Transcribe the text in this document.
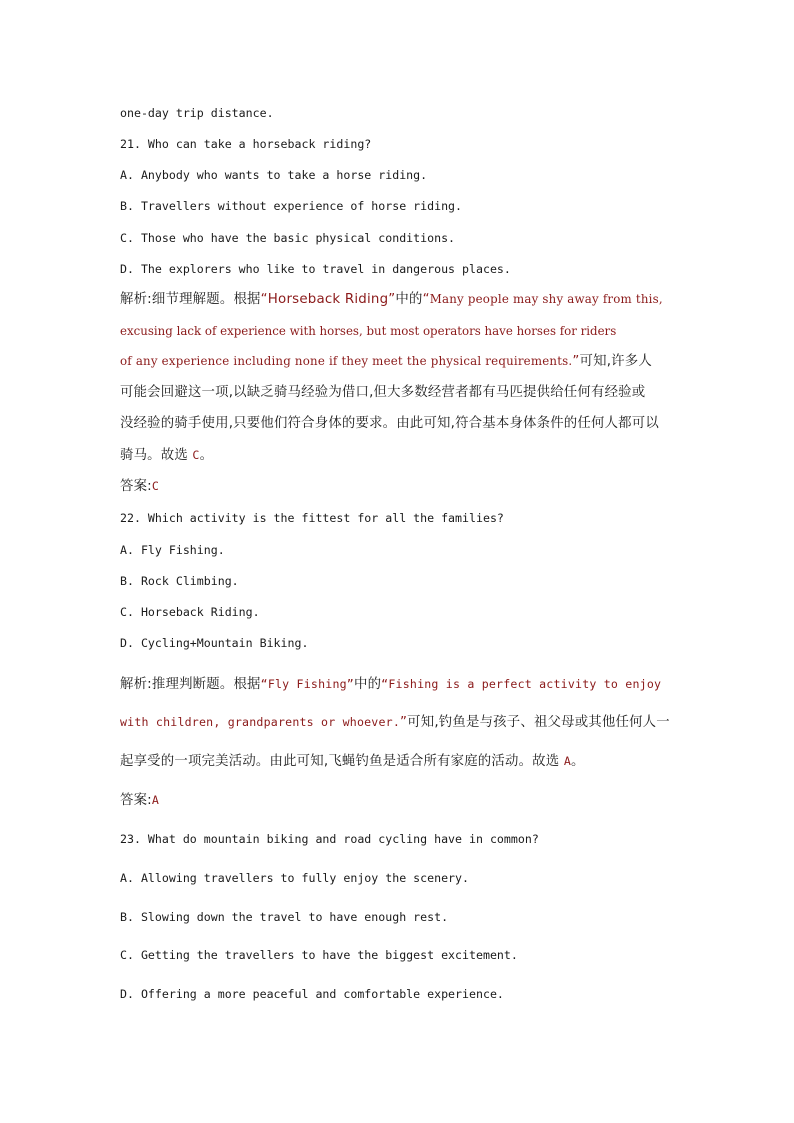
one-day trip distance.
21. Who can take a horseback riding?
A. Anybody who wants to take a horse riding.
B. Travellers without experience of horse riding.
C. Those who have the basic physical conditions.
D. The explorers who like to travel in dangerous places.
解析:细节理解题。根据“Horseback Riding”中的“Many people may shy away from this,
excusing lack of experience with horses, but most operators have horses for riders
of any experience including none if they meet the physical requirements.”可知,许多人
可能会回避这一项,以缺乏骑马经验为借口,但大多数经营者都有马匹提供给任何有经验或
没经验的骑手使用,只要他们符合身体的要求。由此可知,符合基本身体条件的任何人都可以
骑马。故选 C。
答案:C
22. Which activity is the fittest for all the families?
A. Fly Fishing.
B. Rock Climbing.
C. Horseback Riding.
D. Cycling+Mountain Biking.
解析:推理判断题。根据“Fly Fishing”中的“Fishing is a perfect activity to enjoy
with children, grandparents or whoever.”可知,钓鱼是与孩子、祖父母或其他任何人一
起享受的一项完美活动。由此可知,飞蝇钓鱼是适合所有家庭的活动。故选 A。
答案:A
23. What do mountain biking and road cycling have in common?
A. Allowing travellers to fully enjoy the scenery.
B. Slowing down the travel to have enough rest.
C. Getting the travellers to have the biggest excitement.
D. Offering a more peaceful and comfortable experience.
